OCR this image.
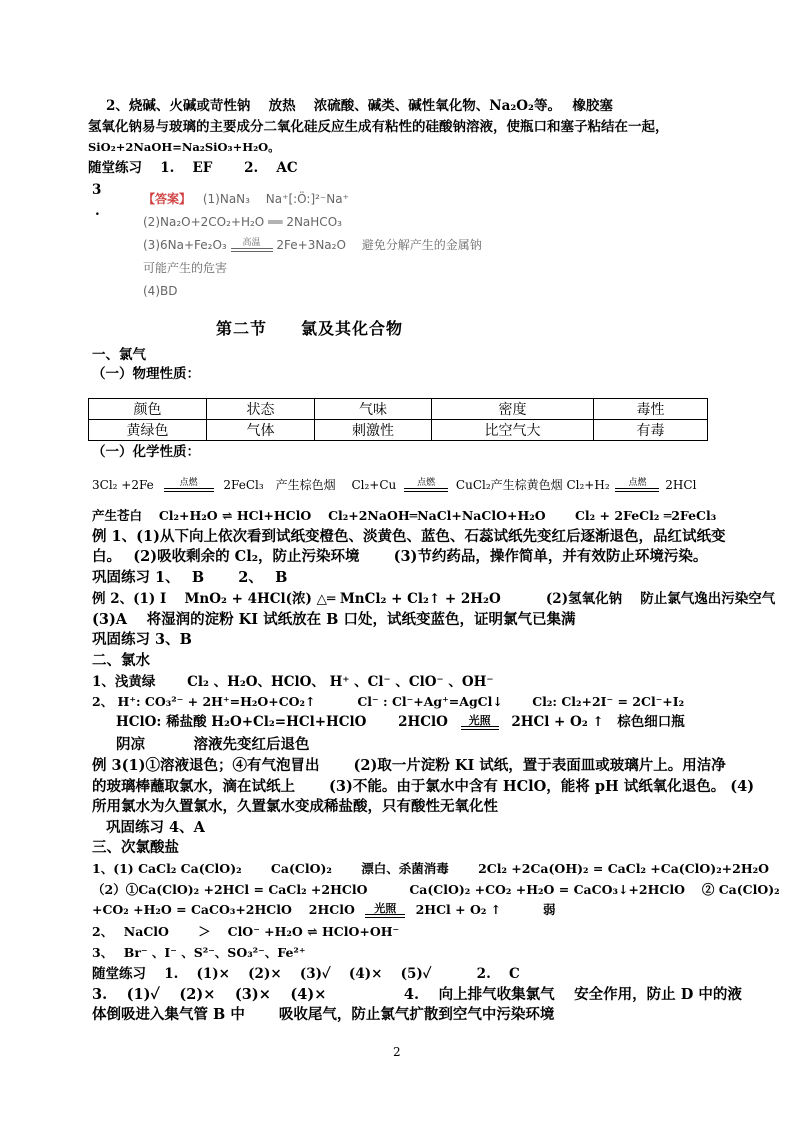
2、烧碱、火碱或苛性钠　 放热　 浓硫酸、碱类、碱性氧化物、Na₂O₂等。　 橡胶塞
氢氧化钠易与玻璃的主要成分二氧化硅反应生成有粘性的硅酸钠溶液，使瓶口和塞子粘结在一起，
SiO₂+2NaOH=Na₂SiO₃+H₂O。
随堂练习　 1.　 EF　　 2.　 AC
3
.
【答案】 (1)NaN₃　 Na⁺[:Ö:]²⁻Na⁺
(2)Na₂O+2CO₂+H₂O ══ 2NaHCO₃
(3)6Na+Fe₂O₃	高温	2Fe+3Na₂O　 避免分解产生的金属钠
可能产生的危害
(4)BD
第二节　　氯及其化合物
一、氯气
（一）物理性质：
颜色	状态	气味	密度	毒性
黄绿色	气体	刺激性	比空气大	有毒
（一）化学性质：
3Cl₂ +2Fe	点燃	2FeCl₃　产生棕色烟　 Cl₂+Cu	点燃	CuCl₂产生棕黄色烟 Cl₂+H₂	点燃	2HCl
产生苍白　 Cl₂+H₂O ⇌ HCl+HClO　 Cl₂+2NaOH═NaCl+NaClO+H₂O　　 Cl₂ + 2FeCl₂ ═2FeCl₃
例 1、(1)从下向上依次看到试纸变橙色、淡黄色、蓝色、石蕊试纸先变红后逐渐退色，品红试纸变
白。　 (2)吸收剩余的 Cl₂，防止污染环境　　 (3)节约药品，操作简单，并有效防止环境污染。
巩固练习 1、　 B　　 2、　 B
例 2、(1) Ⅰ　 MnO₂ + 4HCl(浓) △═ MnCl₂ + Cl₂↑ + 2H₂O　　　 (2)氢氧化钠　 防止氯气逸出污染空气
(3)A　 将湿润的淀粉 KI 试纸放在 B 口处，试纸变蓝色，证明氯气已集满
巩固练习 3、B
二、氯水
1、浅黄绿　　 Cl₂ 、H₂O、HClO、 H⁺ 、Cl⁻ 、ClO⁻ 、OH⁻
2、 H⁺: CO₃²⁻ + 2H⁺=H₂O+CO₂↑　　　 Cl⁻ : Cl⁻+Ag⁺=AgCl↓　　 Cl₂: Cl₂+2I⁻ = 2Cl⁻+I₂
HClO: 稀盐酸 H₂O+Cl₂=HCl+HClO　　 2HClO	光照	2HCl + O₂ ↑　棕色细口瓶
阴凉　　　 溶液先变红后退色
例 3(1)①溶液退色；④有气泡冒出　　 (2)取一片淀粉 KI 试纸，置于表面皿或玻璃片上。用洁净
的玻璃棒蘸取氯水，滴在试纸上　　 (3)不能。由于氯水中含有 HClO，能将 pH 试纸氧化退色。 (4)
所用氯水为久置氯水，久置氯水变成稀盐酸，只有酸性无氧化性
巩固练习 4、A
三、次氯酸盐
1、(1) CaCl₂ Ca(ClO)₂　　 Ca(ClO)₂　　 漂白、杀菌消毒　　 2Cl₂ +2Ca(OH)₂ = CaCl₂ +Ca(ClO)₂+2H₂O
（2）①Ca(ClO)₂ +2HCl = CaCl₂ +2HClO　　　 Ca(ClO)₂ +CO₂ +H₂O = CaCO₃↓+2HClO　 ② Ca(ClO)₂
+CO₂ +H₂O = CaCO₃+2HClO　 2HClO	光照	2HCl + O₂ ↑　　　 弱
2、　 NaClO　　 ＞　 ClO⁻ +H₂O ⇌ HClO+OH⁻
3、　 Br⁻ 、I⁻ 、S²⁻、SO₃²⁻、Fe²⁺
随堂练习　 1.　 (1)×　 (2)×　 (3)✓　 (4)×　 (5)✓　　　 2.　 C
3.　 (1)✓　 (2)×　 (3)×　 (4)×　　　　　 4.　 向上排气收集氯气　 安全作用，防止 D 中的液
体倒吸进入集气管 B 中　　 吸收尾气，防止氯气扩散到空气中污染环境
2
